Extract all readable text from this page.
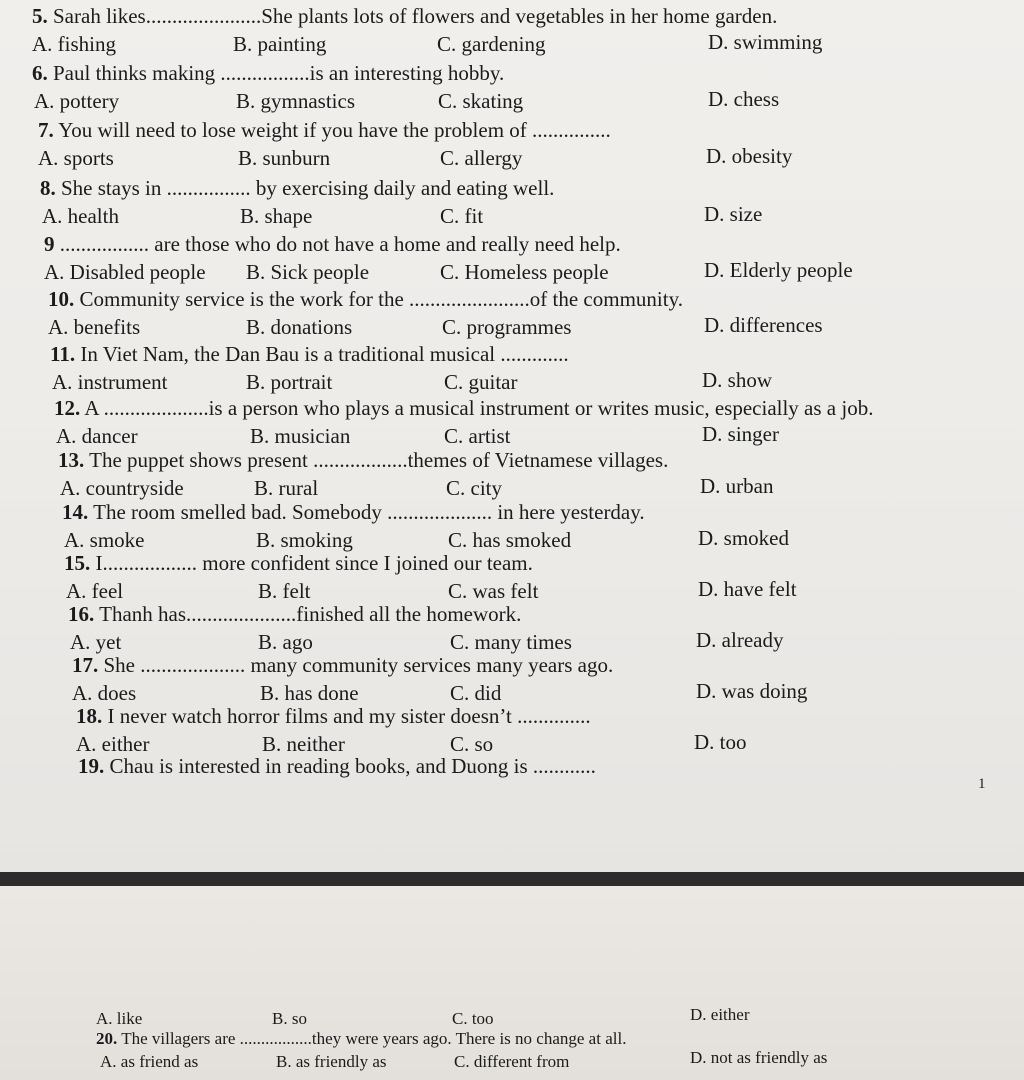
5. Sarah likes......................She plants lots of flowers and vegetables in her home garden.
A. fishing	B. painting	C. gardening	D. swimming
6. Paul thinks making .................is an interesting hobby.
A. pottery	B. gymnastics	C. skating	D. chess
7. You will need to lose weight if you have the problem of ...............
A. sports	B. sunburn	C. allergy	D. obesity
8. She stays in ................ by exercising daily and eating well.
A. health	B. shape	C. fit	D. size
9 ................. are those who do not have a home and really need help.
A. Disabled people B. Sick people	C. Homeless people	D. Elderly people
10. Community service is the work for the .......................of the community.
A. benefits	B. donations	C. programmes	D. differences
11. In Viet Nam, the Dan Bau is a traditional musical .............
A. instrument	B. portrait	C. guitar	D. show
12. A ....................is a person who plays a musical instrument or writes music, especially as a job.
A. dancer	B. musician	C. artist	D. singer
13. The puppet shows present ..................themes of Vietnamese villages.
A. countryside	B. rural	C. city	D. urban
14. The room smelled bad. Somebody .................... in here yesterday.
A. smoke	B. smoking	C. has smoked	D. smoked
15. I.................. more confident since I joined our team.
A. feel	B. felt	C. was felt	D. have felt
16. Thanh has.....................finished all the homework.
A. yet	B. ago	C. many times	D. already
17. She .................... many community services many years ago.
A. does	B. has done	C. did	D. was doing
18. I never watch horror films and my sister doesn’t ..............
A. either	B. neither	C. so	D. too
19. Chau is interested in reading books, and Duong is ............
1
A. like	B. so	C. too	D. either
20. The villagers are .................they were years ago. There is no change at all.
A. as friend as	B. as friendly as	C. different from	D. not as friendly as
